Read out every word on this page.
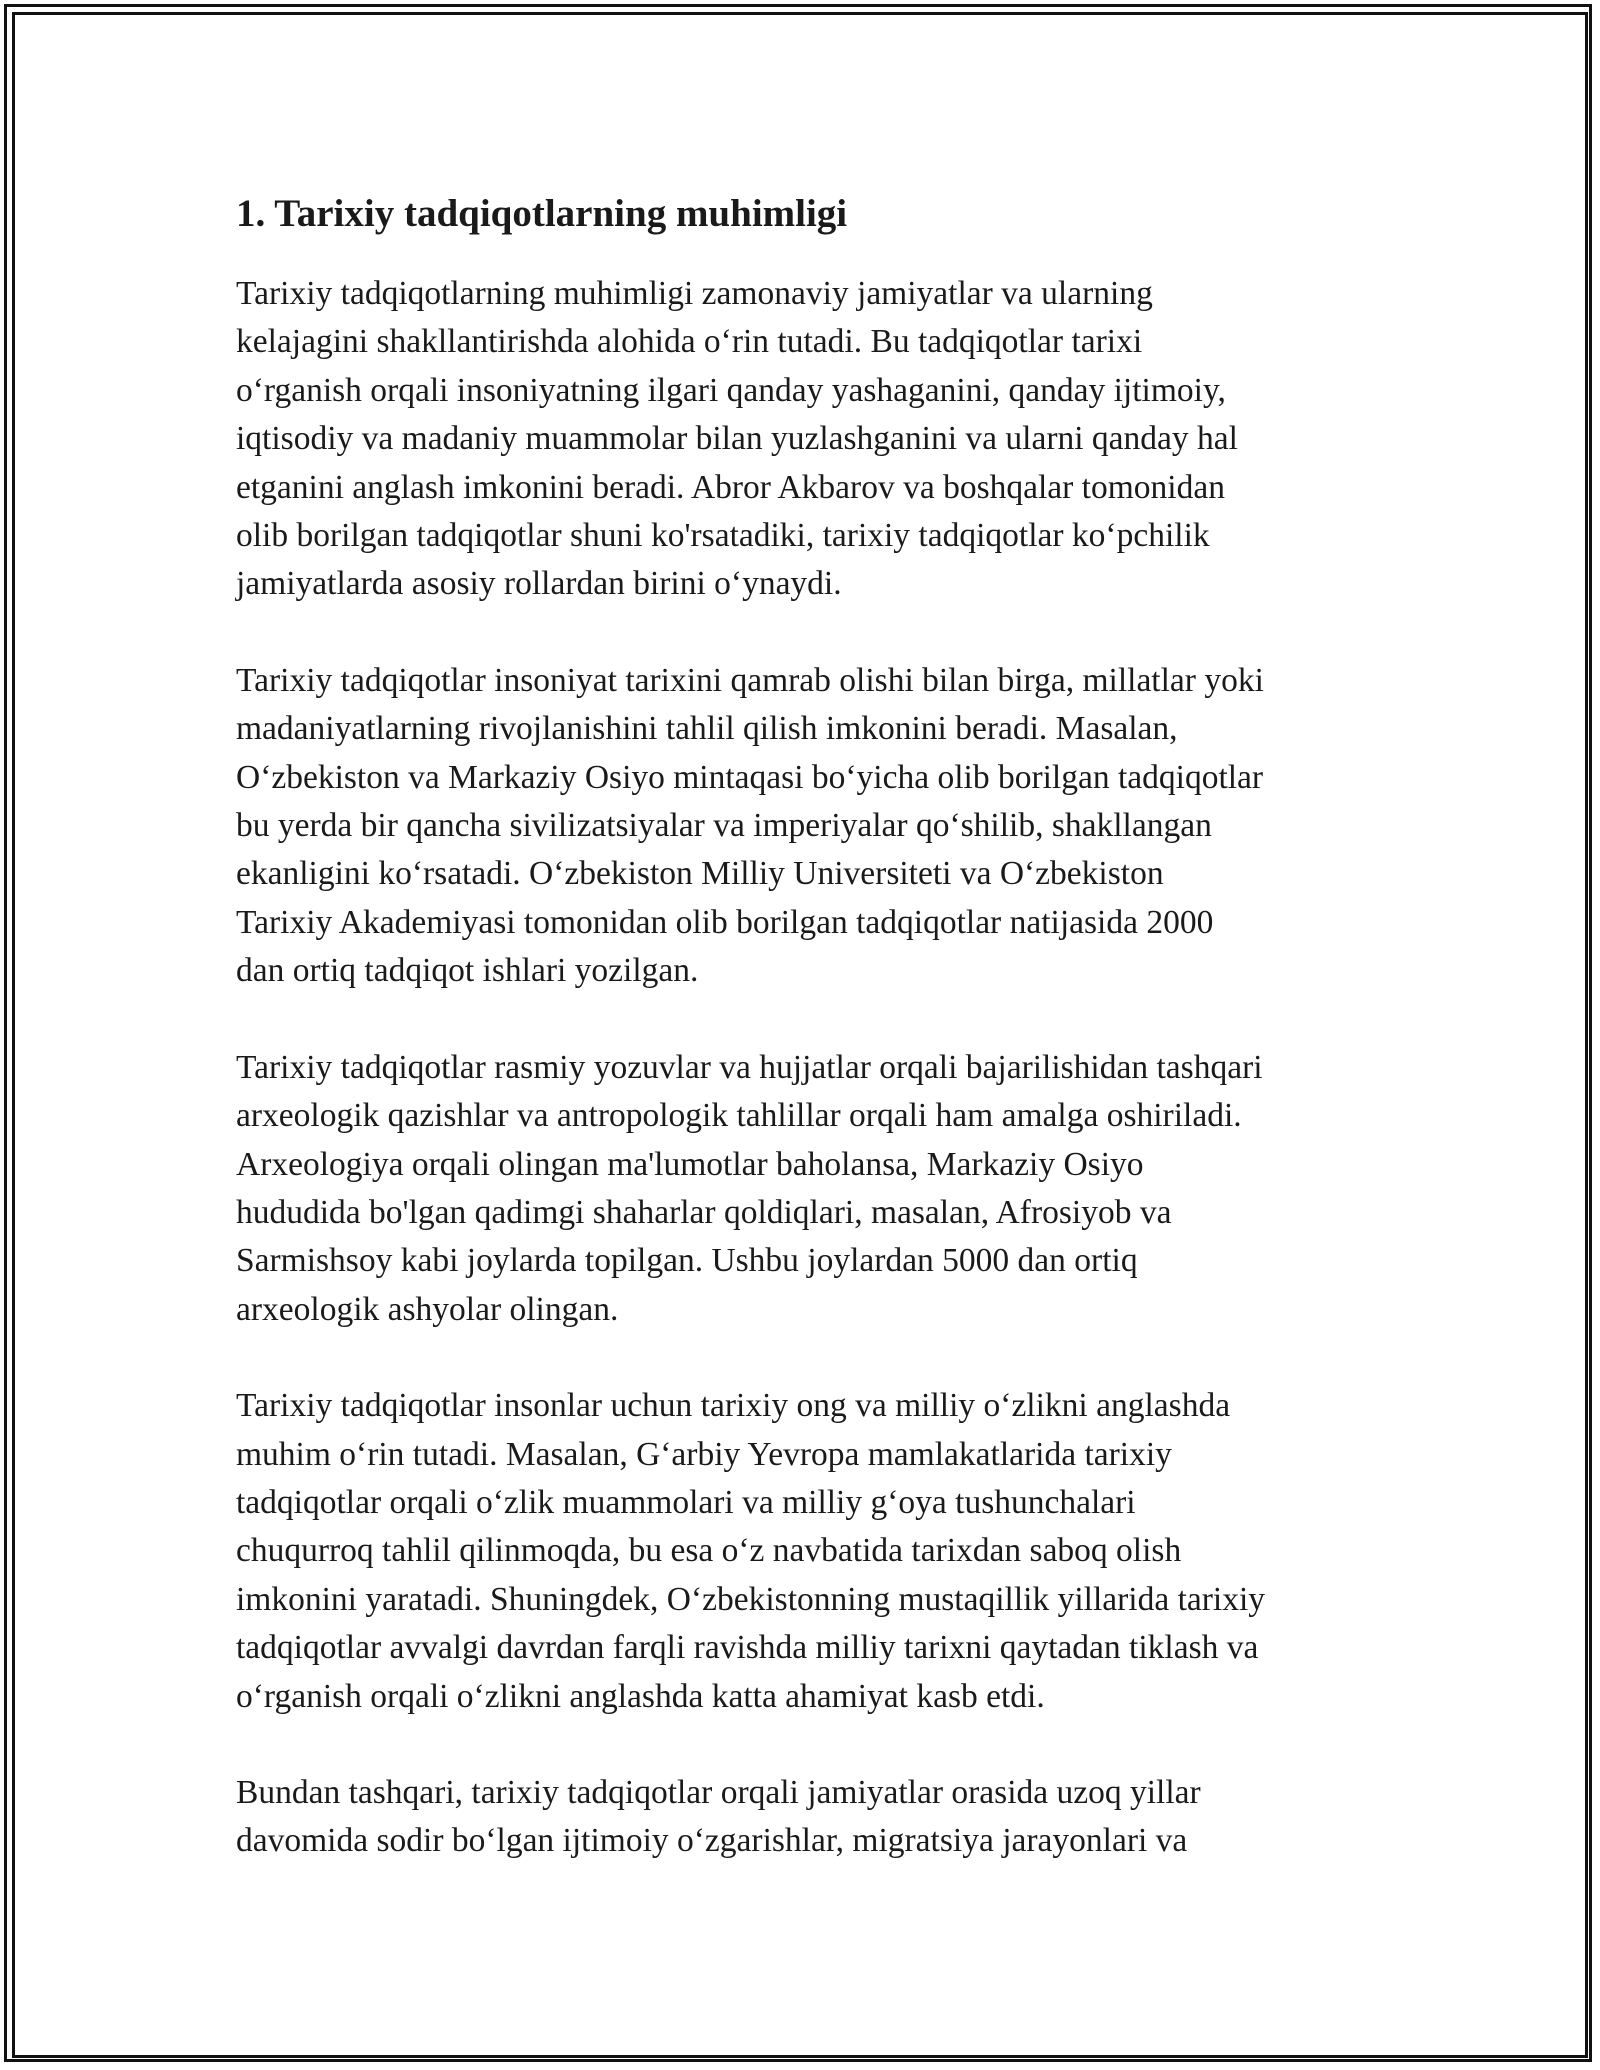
1. Tarixiy tadqiqotlarning muhimligi

Tarixiy tadqiqotlarning muhimligi zamonaviy jamiyatlar va ularning
kelajagini shakllantirishda alohida oʻrin tutadi. Bu tadqiqotlar tarixi
oʻrganish orqali insoniyatning ilgari qanday yashaganini, qanday ijtimoiy,
iqtisodiy va madaniy muammolar bilan yuzlashganini va ularni qanday hal
etganini anglash imkonini beradi. Abror Akbarov va boshqalar tomonidan
olib borilgan tadqiqotlar shuni ko'rsatadiki, tarixiy tadqiqotlar koʻpchilik
jamiyatlarda asosiy rollardan birini oʻynaydi.

Tarixiy tadqiqotlar insoniyat tarixini qamrab olishi bilan birga, millatlar yoki
madaniyatlarning rivojlanishini tahlil qilish imkonini beradi. Masalan,
Oʻzbekiston va Markaziy Osiyo mintaqasi boʻyicha olib borilgan tadqiqotlar
bu yerda bir qancha sivilizatsiyalar va imperiyalar qoʻshilib, shakllangan
ekanligini koʻrsatadi. Oʻzbekiston Milliy Universiteti va Oʻzbekiston
Tarixiy Akademiyasi tomonidan olib borilgan tadqiqotlar natijasida 2000
dan ortiq tadqiqot ishlari yozilgan.

Tarixiy tadqiqotlar rasmiy yozuvlar va hujjatlar orqali bajarilishidan tashqari
arxeologik qazishlar va antropologik tahlillar orqali ham amalga oshiriladi.
Arxeologiya orqali olingan ma'lumotlar baholansa, Markaziy Osiyo
hududida bo'lgan qadimgi shaharlar qoldiqlari, masalan, Afrosiyob va
Sarmishsoy kabi joylarda topilgan. Ushbu joylardan 5000 dan ortiq
arxeologik ashyolar olingan.

Tarixiy tadqiqotlar insonlar uchun tarixiy ong va milliy oʻzlikni anglashda
muhim oʻrin tutadi. Masalan, Gʻarbiy Yevropa mamlakatlarida tarixiy
tadqiqotlar orqali oʻzlik muammolari va milliy gʻoya tushunchalari
chuqurroq tahlil qilinmoqda, bu esa oʻz navbatida tarixdan saboq olish
imkonini yaratadi. Shuningdek, Oʻzbekistonning mustaqillik yillarida tarixiy
tadqiqotlar avvalgi davrdan farqli ravishda milliy tarixni qaytadan tiklash va
oʻrganish orqali oʻzlikni anglashda katta ahamiyat kasb etdi.

Bundan tashqari, tarixiy tadqiqotlar orqali jamiyatlar orasida uzoq yillar
davomida sodir boʻlgan ijtimoiy oʻzgarishlar, migratsiya jarayonlari va
